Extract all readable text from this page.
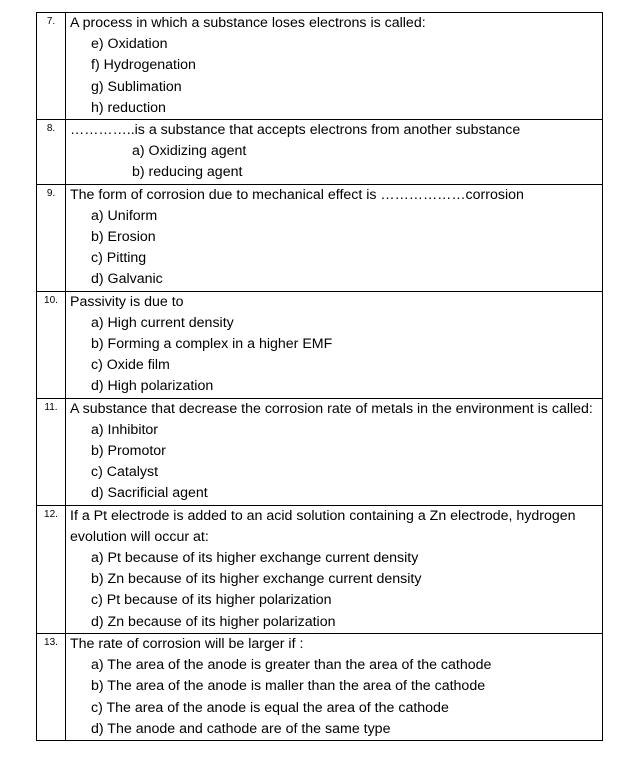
7.	A process in which a substance loses electrons is called:
e) Oxidation
f) Hydrogenation
g) Sublimation
h) reduction

8.	…………..is a substance that accepts electrons from another substance
a) Oxidizing agent
b) reducing agent

9.	The form of corrosion due to mechanical effect is ………………corrosion
a) Uniform
b) Erosion
c) Pitting
d) Galvanic

10.	Passivity is due to
a) High current density
b) Forming a complex in a higher EMF
c) Oxide film
d) High polarization

11.	A substance that decrease the corrosion rate of metals in the environment is called:
a) Inhibitor
b) Promotor
c) Catalyst
d) Sacrificial agent

12.	If a Pt electrode is added to an acid solution containing a Zn electrode, hydrogen evolution will occur at:
a) Pt because of its higher exchange current density
b) Zn because of its higher exchange current density
c) Pt because of its higher polarization
d) Zn because of its higher polarization

13.	The rate of corrosion will be larger if :
a) The area of the anode is greater than the area of the cathode
b) The area of the anode is maller than the area of the cathode
c) The area of the anode is equal the area of the cathode
d) The anode and cathode are of the same type
